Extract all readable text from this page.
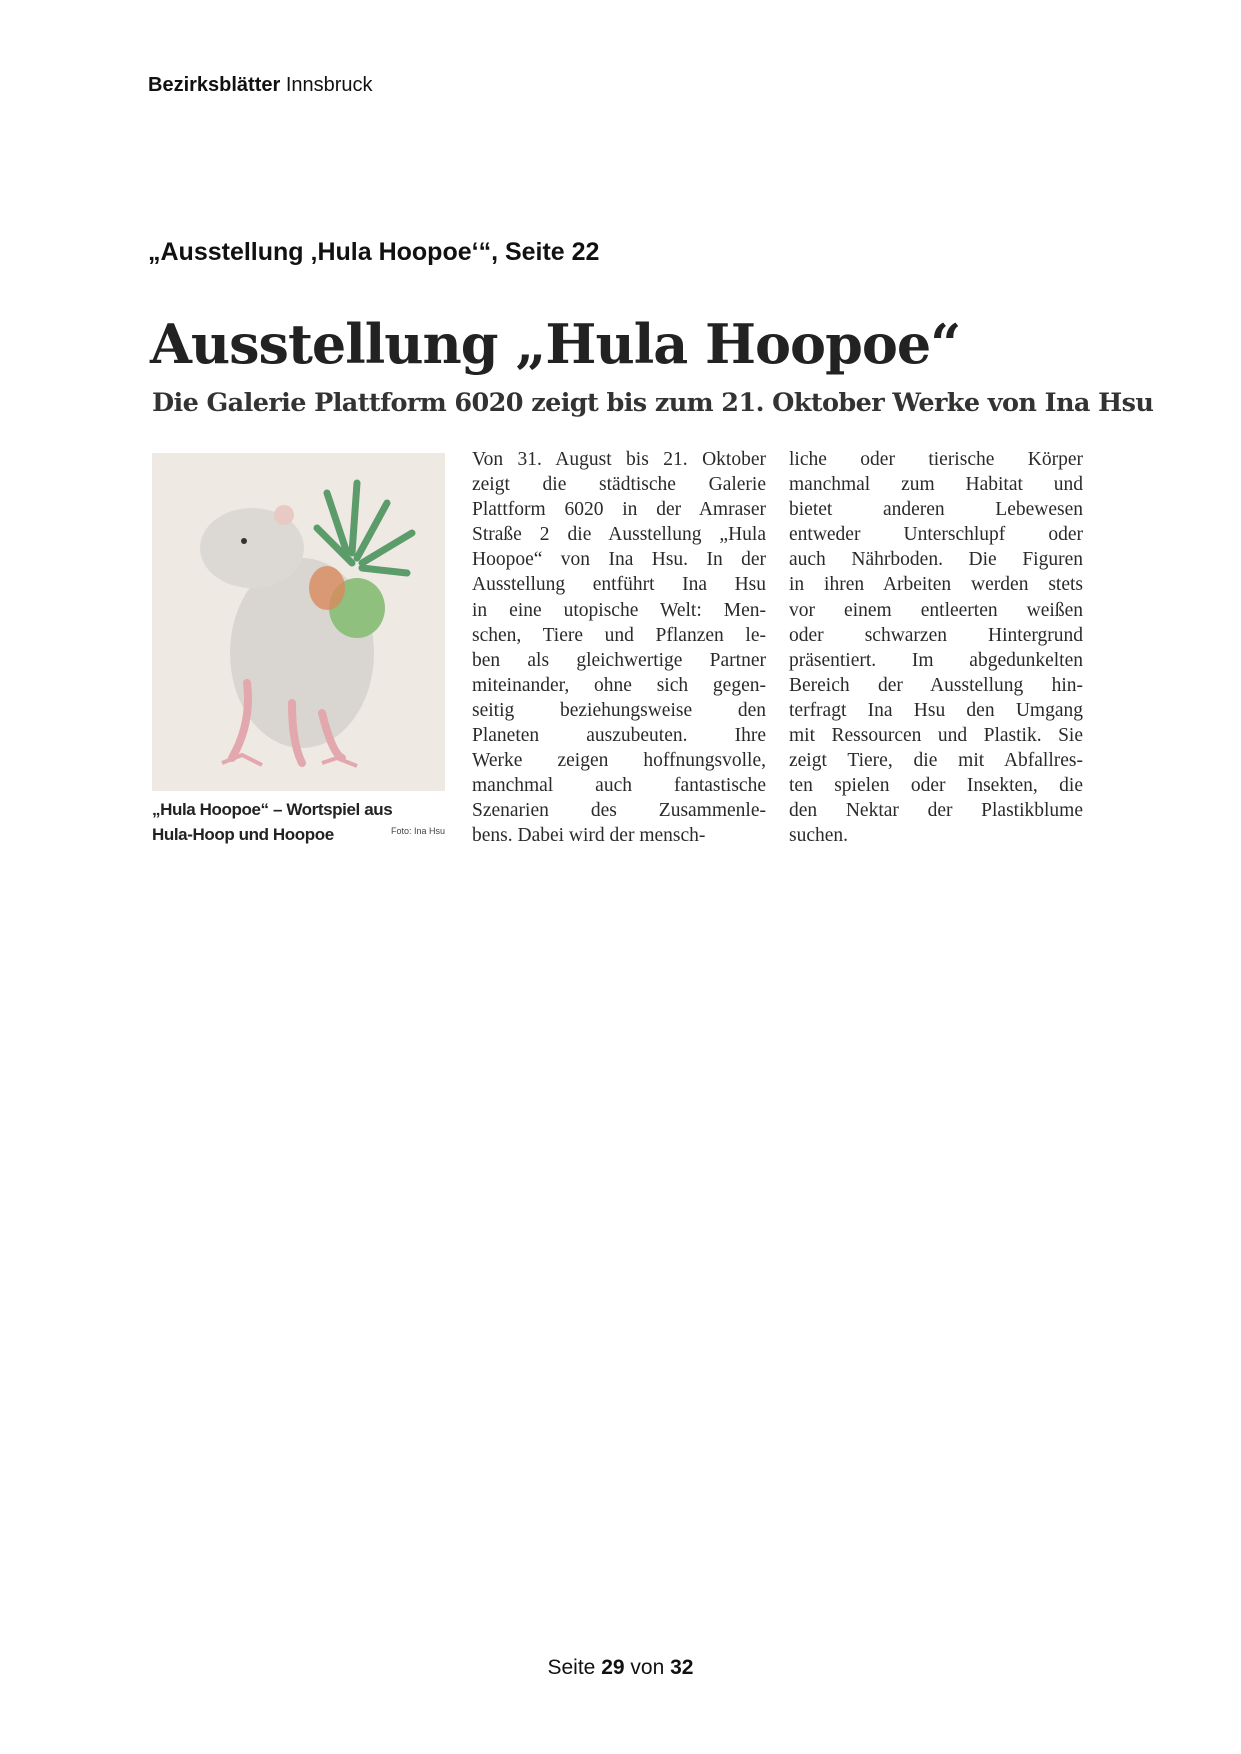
Bezirksblätter Innsbruck
„Ausstellung ‚Hula Hoopoe‘“, Seite 22
Ausstellung „Hula Hoopoe“
Die Galerie Plattform 6020 zeigt bis zum 21. Oktober Werke von Ina Hsu
„Hula Hoopoe“ – Wortspiel aus
Hula-Hoop und Hoopoe	Foto: Ina Hsu
Von 31. August bis 21. Oktober
zeigt die städtische Galerie
Plattform 6020 in der Amraser
Straße 2 die Ausstellung „Hula
Hoopoe“ von Ina Hsu. In der
Ausstellung entführt Ina Hsu
in eine utopische Welt: Men-
schen, Tiere und Pflanzen le-
ben als gleichwertige Partner
miteinander, ohne sich gegen-
seitig beziehungsweise den
Planeten auszubeuten. Ihre
Werke zeigen hoffnungsvolle,
manchmal auch fantastische
Szenarien des Zusammenle-
bens. Dabei wird der mensch-
liche oder tierische Körper
manchmal zum Habitat und
bietet anderen Lebewesen
entweder Unterschlupf oder
auch Nährboden. Die Figuren
in ihren Arbeiten werden stets
vor einem entleerten weißen
oder schwarzen Hintergrund
präsentiert. Im abgedunkelten
Bereich der Ausstellung hin-
terfragt Ina Hsu den Umgang
mit Ressourcen und Plastik. Sie
zeigt Tiere, die mit Abfallres-
ten spielen oder Insekten, die
den Nektar der Plastikblume
suchen.
Seite 29 von 32
